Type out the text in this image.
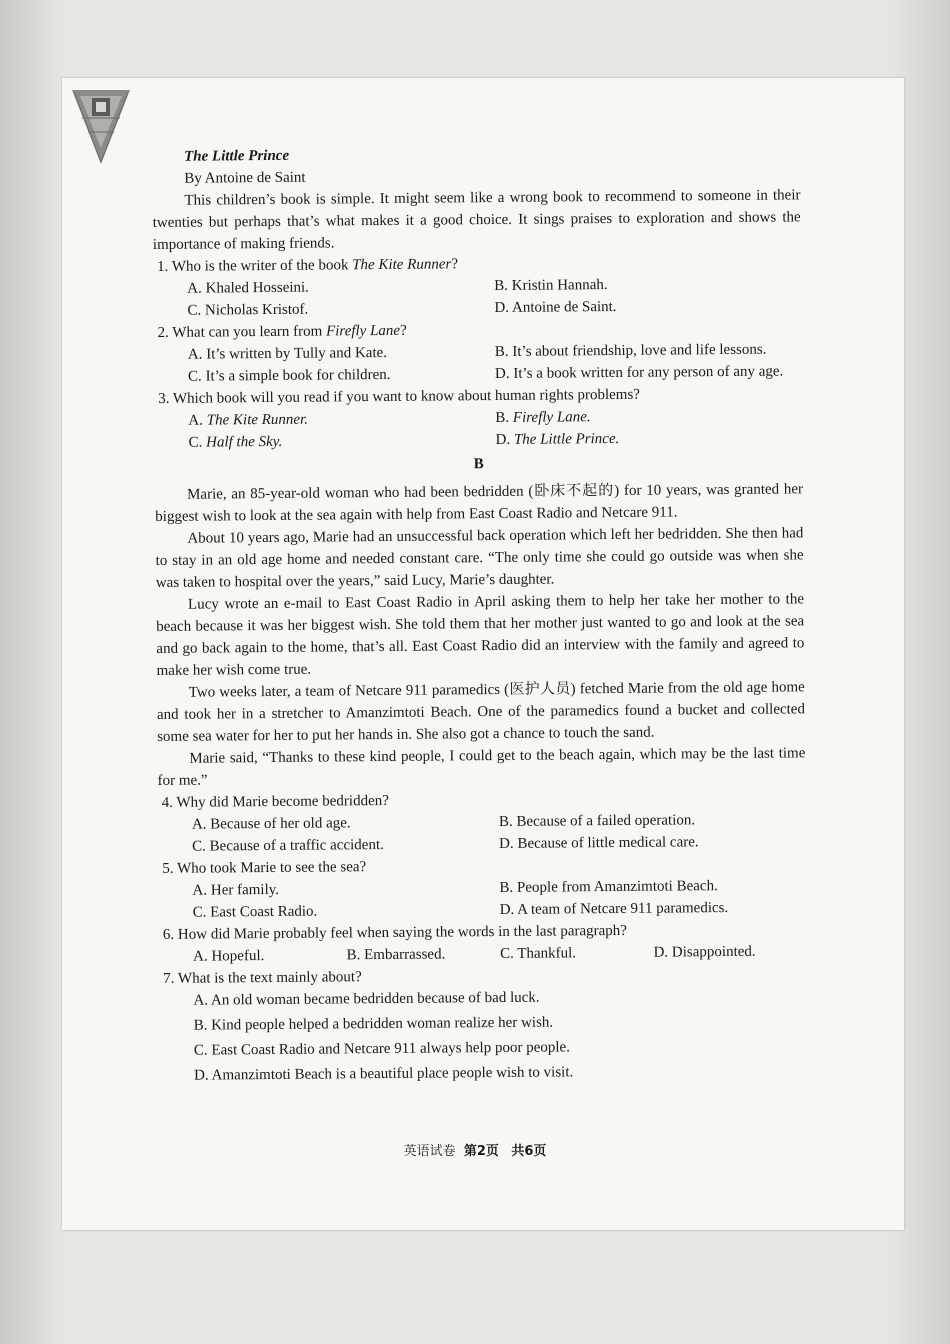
The Little Prince

By Antoine de Saint

This children’s book is simple. It might seem like a wrong book to recommend to someone in their twenties but perhaps that’s what makes it a good choice. It sings praises to exploration and shows the importance of making friends.

1. Who is the writer of the book The Kite Runner?

A. Khaled Hosseini.	B. Kristin Hannah.
C. Nicholas Kristof.	D. Antoine de Saint.

2. What can you learn from Firefly Lane?

A. It’s written by Tully and Kate.	B. It’s about friendship, love and life lessons.
C. It’s a simple book for children.	D. It’s a book written for any person of any age.

3. Which book will you read if you want to know about human rights problems?

A. The Kite Runner.	B. Firefly Lane.
C. Half the Sky.	D. The Little Prince.
B

Marie, an 85-year-old woman who had been bedridden (卧床不起的) for 10 years, was granted her biggest wish to look at the sea again with help from East Coast Radio and Netcare 911.

About 10 years ago, Marie had an unsuccessful back operation which left her bedridden. She then had to stay in an old age home and needed constant care. “The only time she could go outside was when she was taken to hospital over the years,” said Lucy, Marie’s daughter.

Lucy wrote an e-mail to East Coast Radio in April asking them to help her take her mother to the beach because it was her biggest wish. She told them that her mother just wanted to go and look at the sea and go back again to the home, that’s all. East Coast Radio did an interview with the family and agreed to make her wish come true.

Two weeks later, a team of Netcare 911 paramedics (医护人员) fetched Marie from the old age home and took her in a stretcher to Amanzimtoti Beach. One of the paramedics found a bucket and collected some sea water for her to put her hands in. She also got a chance to touch the sand.

Marie said, “Thanks to these kind people, I could get to the beach again, which may be the last time for me.”

4. Why did Marie become bedridden?

A. Because of her old age.	B. Because of a failed operation.
C. Because of a traffic accident.	D. Because of little medical care.

5. Who took Marie to see the sea?

A. Her family.	B. People from Amanzimtoti Beach.
C. East Coast Radio.	D. A team of Netcare 911 paramedics.

6. How did Marie probably feel when saying the words in the last paragraph?

A. Hopeful.	B. Embarrassed.	C. Thankful.	D. Disappointed.

7. What is the text mainly about?

A. An old woman became bedridden because of bad luck.
B. Kind people helped a bedridden woman realize her wish.
C. East Coast Radio and Netcare 911 always help poor people.
D. Amanzimtoti Beach is a beautiful place people wish to visit.
英语试卷 第2页 共6页
